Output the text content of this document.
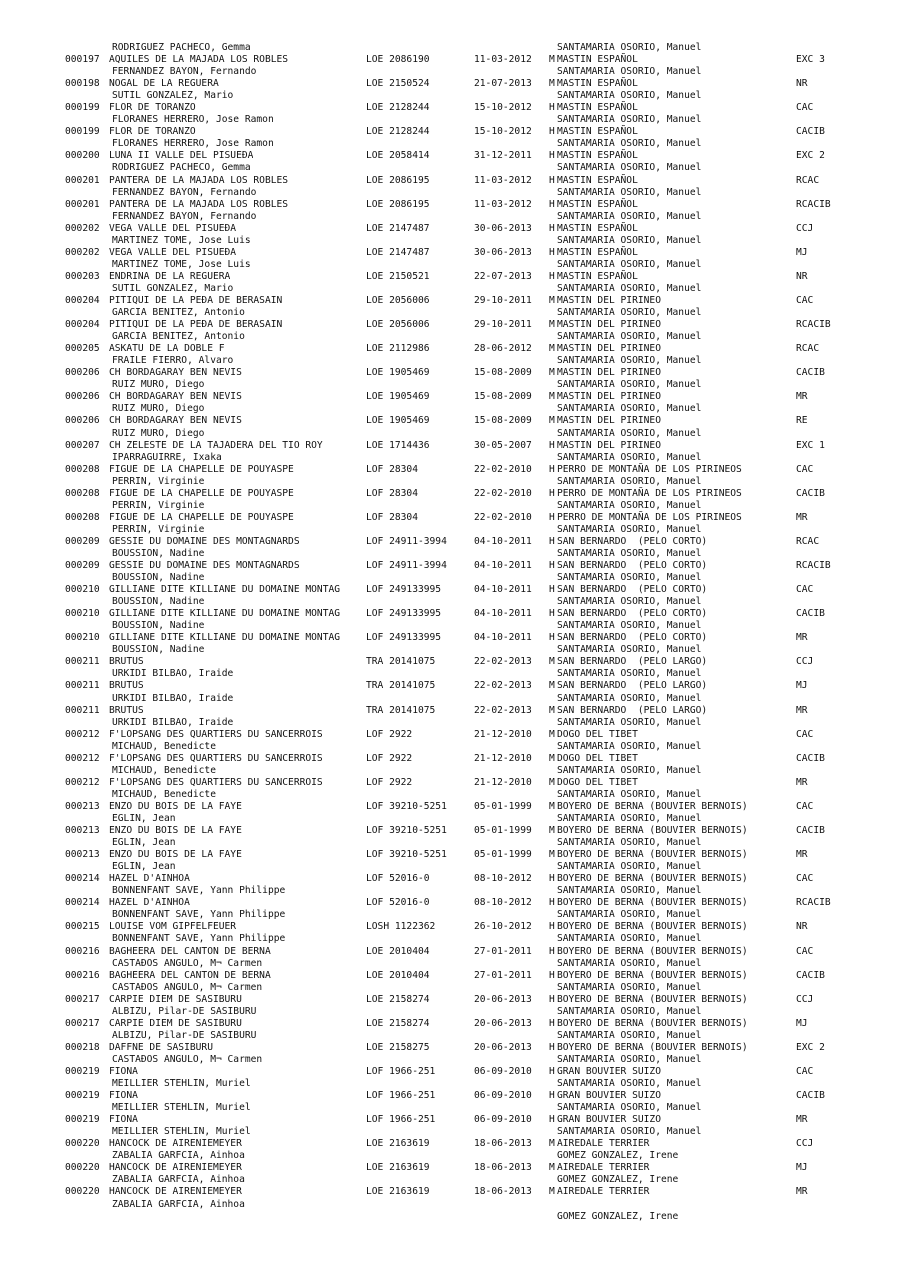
RODRIGUEZ PACHECO, Gemma

	SANTAMARIA OSORIO, Manuel

000197 AQUILES DE LA MAJADA LOS ROBLES	LOE 2086190	11-03-2012 M MASTIN ESPAÑOL	EXC 3
FERNANDEZ BAYON, Fernando	SANTAMARIA OSORIO, Manuel
000198 NOGAL DE LA REGUERA	LOE 2150524	21-07-2013 M MASTIN ESPAÑOL	NR
SUTIL GONZALEZ, Mario	SANTAMARIA OSORIO, Manuel
000199 FLOR DE TORANZO	LOE 2128244	15-10-2012 H MASTIN ESPAÑOL	CAC
FLORANES HERRERO, Jose Ramon	SANTAMARIA OSORIO, Manuel
000199 FLOR DE TORANZO	LOE 2128244	15-10-2012 H MASTIN ESPAÑOL	CACIB
FLORANES HERRERO, Jose Ramon	SANTAMARIA OSORIO, Manuel
000200 LUNA II VALLE DEL PISUEÐA	LOE 2058414	31-12-2011 H MASTIN ESPAÑOL	EXC 2
RODRIGUEZ PACHECO, Gemma	SANTAMARIA OSORIO, Manuel
000201 PANTERA DE LA MAJADA LOS ROBLES	LOE 2086195	11-03-2012 H MASTIN ESPAÑOL	RCAC
FERNANDEZ BAYON, Fernando	SANTAMARIA OSORIO, Manuel
000201 PANTERA DE LA MAJADA LOS ROBLES	LOE 2086195	11-03-2012 H MASTIN ESPAÑOL	RCACIB
FERNANDEZ BAYON, Fernando	SANTAMARIA OSORIO, Manuel
000202 VEGA VALLE DEL PISUEÐA	LOE 2147487	30-06-2013 H MASTIN ESPAÑOL	CCJ
MARTINEZ TOME, Jose Luis	SANTAMARIA OSORIO, Manuel
000202 VEGA VALLE DEL PISUEÐA	LOE 2147487	30-06-2013 H MASTIN ESPAÑOL	MJ
MARTINEZ TOME, Jose Luis	SANTAMARIA OSORIO, Manuel
000203 ENDRINA DE LA REGUERA	LOE 2150521	22-07-2013 H MASTIN ESPAÑOL	NR
SUTIL GONZALEZ, Mario	SANTAMARIA OSORIO, Manuel
000204 PITIQUI DE LA PEÐA DE BERASAIN	LOE 2056006	29-10-2011 M MASTIN DEL PIRINEO	CAC
GARCIA BENITEZ, Antonio	SANTAMARIA OSORIO, Manuel
000204 PITIQUI DE LA PEÐA DE BERASAIN	LOE 2056006	29-10-2011 M MASTIN DEL PIRINEO	RCACIB
GARCIA BENITEZ, Antonio	SANTAMARIA OSORIO, Manuel
000205 ASKATU DE LA DOBLE F	LOE 2112986	28-06-2012 M MASTIN DEL PIRINEO	RCAC
FRAILE FIERRO, Alvaro	SANTAMARIA OSORIO, Manuel
000206 CH BORDAGARAY BEN NEVIS	LOE 1905469	15-08-2009 M MASTIN DEL PIRINEO	CACIB
RUIZ MURO, Diego	SANTAMARIA OSORIO, Manuel
000206 CH BORDAGARAY BEN NEVIS	LOE 1905469	15-08-2009 M MASTIN DEL PIRINEO	MR
RUIZ MURO, Diego	SANTAMARIA OSORIO, Manuel
000206 CH BORDAGARAY BEN NEVIS	LOE 1905469	15-08-2009 M MASTIN DEL PIRINEO	RE
RUIZ MURO, Diego	SANTAMARIA OSORIO, Manuel
000207 CH ZELESTE DE LA TAJADERA DEL TIO ROY	LOE 1714436	30-05-2007 H MASTIN DEL PIRINEO	EXC 1
IPARRAGUIRRE, Ixaka	SANTAMARIA OSORIO, Manuel
000208 FIGUE DE LA CHAPELLE DE POUYASPE	LOF 28304	22-02-2010 H PERRO DE MONTAÑA DE LOS PIRINEOS	CAC
PERRIN, Virginie	SANTAMARIA OSORIO, Manuel
000208 FIGUE DE LA CHAPELLE DE POUYASPE	LOF 28304	22-02-2010 H PERRO DE MONTAÑA DE LOS PIRINEOS	CACIB
PERRIN, Virginie	SANTAMARIA OSORIO, Manuel
000208 FIGUE DE LA CHAPELLE DE POUYASPE	LOF 28304	22-02-2010 H PERRO DE MONTAÑA DE LOS PIRINEOS	MR
PERRIN, Virginie	SANTAMARIA OSORIO, Manuel
000209 GESSIE DU DOMAINE DES MONTAGNARDS	LOF 24911-3994	04-10-2011 H SAN BERNARDO  (PELO CORTO)	RCAC
BOUSSION, Nadine	SANTAMARIA OSORIO, Manuel
000209 GESSIE DU DOMAINE DES MONTAGNARDS	LOF 24911-3994	04-10-2011 H SAN BERNARDO  (PELO CORTO)	RCACIB
BOUSSION, Nadine	SANTAMARIA OSORIO, Manuel
000210 GILLIANE DITE KILLIANE DU DOMAINE MONTAG	LOF 249133995	04-10-2011 H SAN BERNARDO  (PELO CORTO)	CAC
BOUSSION, Nadine	SANTAMARIA OSORIO, Manuel
000210 GILLIANE DITE KILLIANE DU DOMAINE MONTAG	LOF 249133995	04-10-2011 H SAN BERNARDO  (PELO CORTO)	CACIB
BOUSSION, Nadine	SANTAMARIA OSORIO, Manuel
000210 GILLIANE DITE KILLIANE DU DOMAINE MONTAG	LOF 249133995	04-10-2011 H SAN BERNARDO  (PELO CORTO)	MR
BOUSSION, Nadine	SANTAMARIA OSORIO, Manuel
000211 BRUTUS	TRA 20141075	22-02-2013 M SAN BERNARDO  (PELO LARGO)	CCJ
URKIDI BILBAO, Iraide	SANTAMARIA OSORIO, Manuel
000211 BRUTUS	TRA 20141075	22-02-2013 M SAN BERNARDO  (PELO LARGO)	MJ
URKIDI BILBAO, Iraide	SANTAMARIA OSORIO, Manuel
000211 BRUTUS	TRA 20141075	22-02-2013 M SAN BERNARDO  (PELO LARGO)	MR
URKIDI BILBAO, Iraide	SANTAMARIA OSORIO, Manuel
000212 F'LOPSANG DES QUARTIERS DU SANCERROIS	LOF 2922	21-12-2010 M DOGO DEL TIBET	CAC
MICHAUD, Benedicte	SANTAMARIA OSORIO, Manuel
000212 F'LOPSANG DES QUARTIERS DU SANCERROIS	LOF 2922	21-12-2010 M DOGO DEL TIBET	CACIB
MICHAUD, Benedicte	SANTAMARIA OSORIO, Manuel
000212 F'LOPSANG DES QUARTIERS DU SANCERROIS	LOF 2922	21-12-2010 M DOGO DEL TIBET	MR
MICHAUD, Benedicte	SANTAMARIA OSORIO, Manuel
000213 ENZO DU BOIS DE LA FAYE	LOF 39210-5251	05-01-1999 M BOYERO DE BERNA (BOUVIER BERNOIS)	CAC
EGLIN, Jean	SANTAMARIA OSORIO, Manuel
000213 ENZO DU BOIS DE LA FAYE	LOF 39210-5251	05-01-1999 M BOYERO DE BERNA (BOUVIER BERNOIS)	CACIB
EGLIN, Jean	SANTAMARIA OSORIO, Manuel
000213 ENZO DU BOIS DE LA FAYE	LOF 39210-5251	05-01-1999 M BOYERO DE BERNA (BOUVIER BERNOIS)	MR
EGLIN, Jean	SANTAMARIA OSORIO, Manuel
000214 HAZEL D'AINHOA	LOF 52016-0	08-10-2012 H BOYERO DE BERNA (BOUVIER BERNOIS)	CAC
BONNENFANT SAVE, Yann Philippe	SANTAMARIA OSORIO, Manuel
000214 HAZEL D'AINHOA	LOF 52016-0	08-10-2012 H BOYERO DE BERNA (BOUVIER BERNOIS)	RCACIB
BONNENFANT SAVE, Yann Philippe	SANTAMARIA OSORIO, Manuel
000215 LOUISE VOM GIPFELFEUER	LOSH 1122362	26-10-2012 H BOYERO DE BERNA (BOUVIER BERNOIS)	NR
BONNENFANT SAVE, Yann Philippe	SANTAMARIA OSORIO, Manuel
000216 BAGHEERA DEL CANTON DE BERNA	LOE 2010404	27-01-2011 H BOYERO DE BERNA (BOUVIER BERNOIS)	CAC
CASTAÐOS ANGULO, M¬ Carmen	SANTAMARIA OSORIO, Manuel
000216 BAGHEERA DEL CANTON DE BERNA	LOE 2010404	27-01-2011 H BOYERO DE BERNA (BOUVIER BERNOIS)	CACIB
CASTAÐOS ANGULO, M¬ Carmen	SANTAMARIA OSORIO, Manuel
000217 CARPIE DIEM DE SASIBURU	LOE 2158274	20-06-2013 H BOYERO DE BERNA (BOUVIER BERNOIS)	CCJ
ALBIZU, Pilar-DE SASIBURU	SANTAMARIA OSORIO, Manuel
000217 CARPIE DIEM DE SASIBURU	LOE 2158274	20-06-2013 H BOYERO DE BERNA (BOUVIER BERNOIS)	MJ
ALBIZU, Pilar-DE SASIBURU	SANTAMARIA OSORIO, Manuel
000218 DAFFNE DE SASIBURU	LOE 2158275	20-06-2013 H BOYERO DE BERNA (BOUVIER BERNOIS)	EXC 2
CASTAÐOS ANGULO, M¬ Carmen	SANTAMARIA OSORIO, Manuel
000219 FIONA	LOF 1966-251	06-09-2010 H GRAN BOUVIER SUIZO	CAC
MEILLIER STEHLIN, Muriel	SANTAMARIA OSORIO, Manuel
000219 FIONA	LOF 1966-251	06-09-2010 H GRAN BOUVIER SUIZO	CACIB
MEILLIER STEHLIN, Muriel	SANTAMARIA OSORIO, Manuel
000219 FIONA	LOF 1966-251	06-09-2010 H GRAN BOUVIER SUIZO	MR
MEILLIER STEHLIN, Muriel	SANTAMARIA OSORIO, Manuel
000220 HANCOCK DE AIRENIEMEYER	LOE 2163619	18-06-2013 M AIREDALE TERRIER	CCJ
ZABALIA GARFCIA, Ainhoa	GOMEZ GONZALEZ, Irene
000220 HANCOCK DE AIRENIEMEYER	LOE 2163619	18-06-2013 M AIREDALE TERRIER	MJ
ZABALIA GARFCIA, Ainhoa	GOMEZ GONZALEZ, Irene
000220 HANCOCK DE AIRENIEMEYER	LOE 2163619	18-06-2013 M AIREDALE TERRIER	MR
ZABALIA GARFCIA, Ainhoa

GOMEZ GONZALEZ, Irene
